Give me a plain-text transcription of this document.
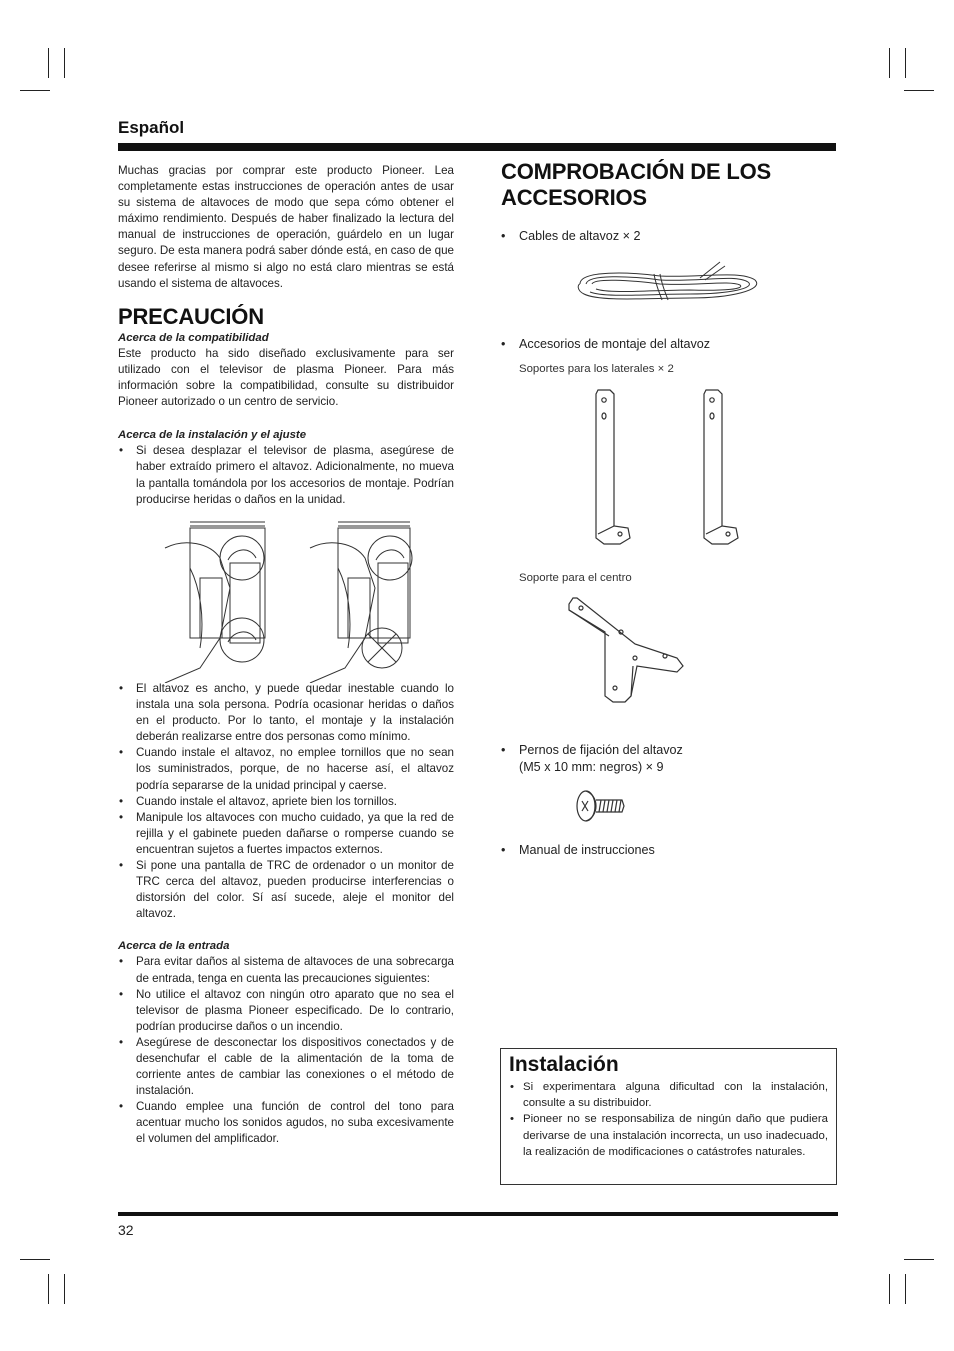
Español

Muchas gracias por comprar este producto Pioneer. Lea completamente estas instrucciones de operación antes de usar su sistema de altavoces de modo que sepa cómo obtener el máximo rendimiento. Después de haber finalizado la lectura del manual de instrucciones de operación, guárdelo en un lugar seguro. De esta manera podrá saber dónde está, en caso de que desee referirse al mismo si algo no está claro mientras se está usando el sistema de altavoces.

PRECAUCIÓN

Acerca de la compatibilidad

Este producto ha sido diseñado exclusivamente para ser utilizado con el televisor de plasma Pioneer. Para más información sobre la compatibilidad, consulte su distribuidor Pioneer autorizado o un centro de servicio.

Acerca de la instalación y el ajuste

• Si desea desplazar el televisor de plasma, asegúrese de haber extraído primero el altavoz. Adicionalmente, no mueva la pantalla tomándola por los accesorios de montaje. Podrían producirse heridas o daños en la unidad.
• El altavoz es ancho, y puede quedar inestable cuando lo instala una sola persona. Podría ocasionar heridas o daños en el producto. Por lo tanto, el montaje y la instalación deberán realizarse entre dos personas como mínimo.
• Cuando instale el altavoz, no emplee tornillos que no sean los suministrados, porque, de no hacerse así, el altavoz podría separarse de la unidad principal y caerse.
• Cuando instale el altavoz, apriete bien los tornillos.
• Manipule los altavoces con mucho cuidado, ya que la red de rejilla y el gabinete pueden dañarse o romperse cuando se encuentran sujetos a fuertes impactos externos.
• Si pone una pantalla de TRC de ordenador o un monitor de TRC cerca del altavoz, pueden producirse interferencias o distorsión del color. Sí así sucede, aleje el monitor del altavoz.

Acerca de la entrada

• Para evitar daños al sistema de altavoces de una sobrecarga de entrada, tenga en cuenta las precauciones siguientes:
• No utilice el altavoz con ningún otro aparato que no sea el televisor de plasma Pioneer especificado. De lo contrario, podrían producirse daños o un incendio.
• Asegúrese de desconectar los dispositivos conectados y de desenchufar el cable de la alimentación de la toma de corriente antes de cambiar las conexiones o el método de instalación.
• Cuando emplee una función de control del tono para acentuar mucho los sonidos agudos, no suba excesivamente el volumen del amplificador.
COMPROBACIÓN DE LOS
ACCESORIOS
• Cables de altavoz × 2
• Accesorios de montaje del altavoz
Soportes para los laterales × 2
Soporte para el centro
• Pernos de fijación del altavoz
(M5 x 10 mm: negros) × 9
• Manual de instrucciones
Instalación
• Si experimentara alguna dificultad con la instalación, consulte a su distribuidor.
• Pioneer no se responsabiliza de ningún daño que pudiera derivarse de una instalación incorrecta, un uso inadecuado, la realización de modificaciones o catástrofes naturales.
32
